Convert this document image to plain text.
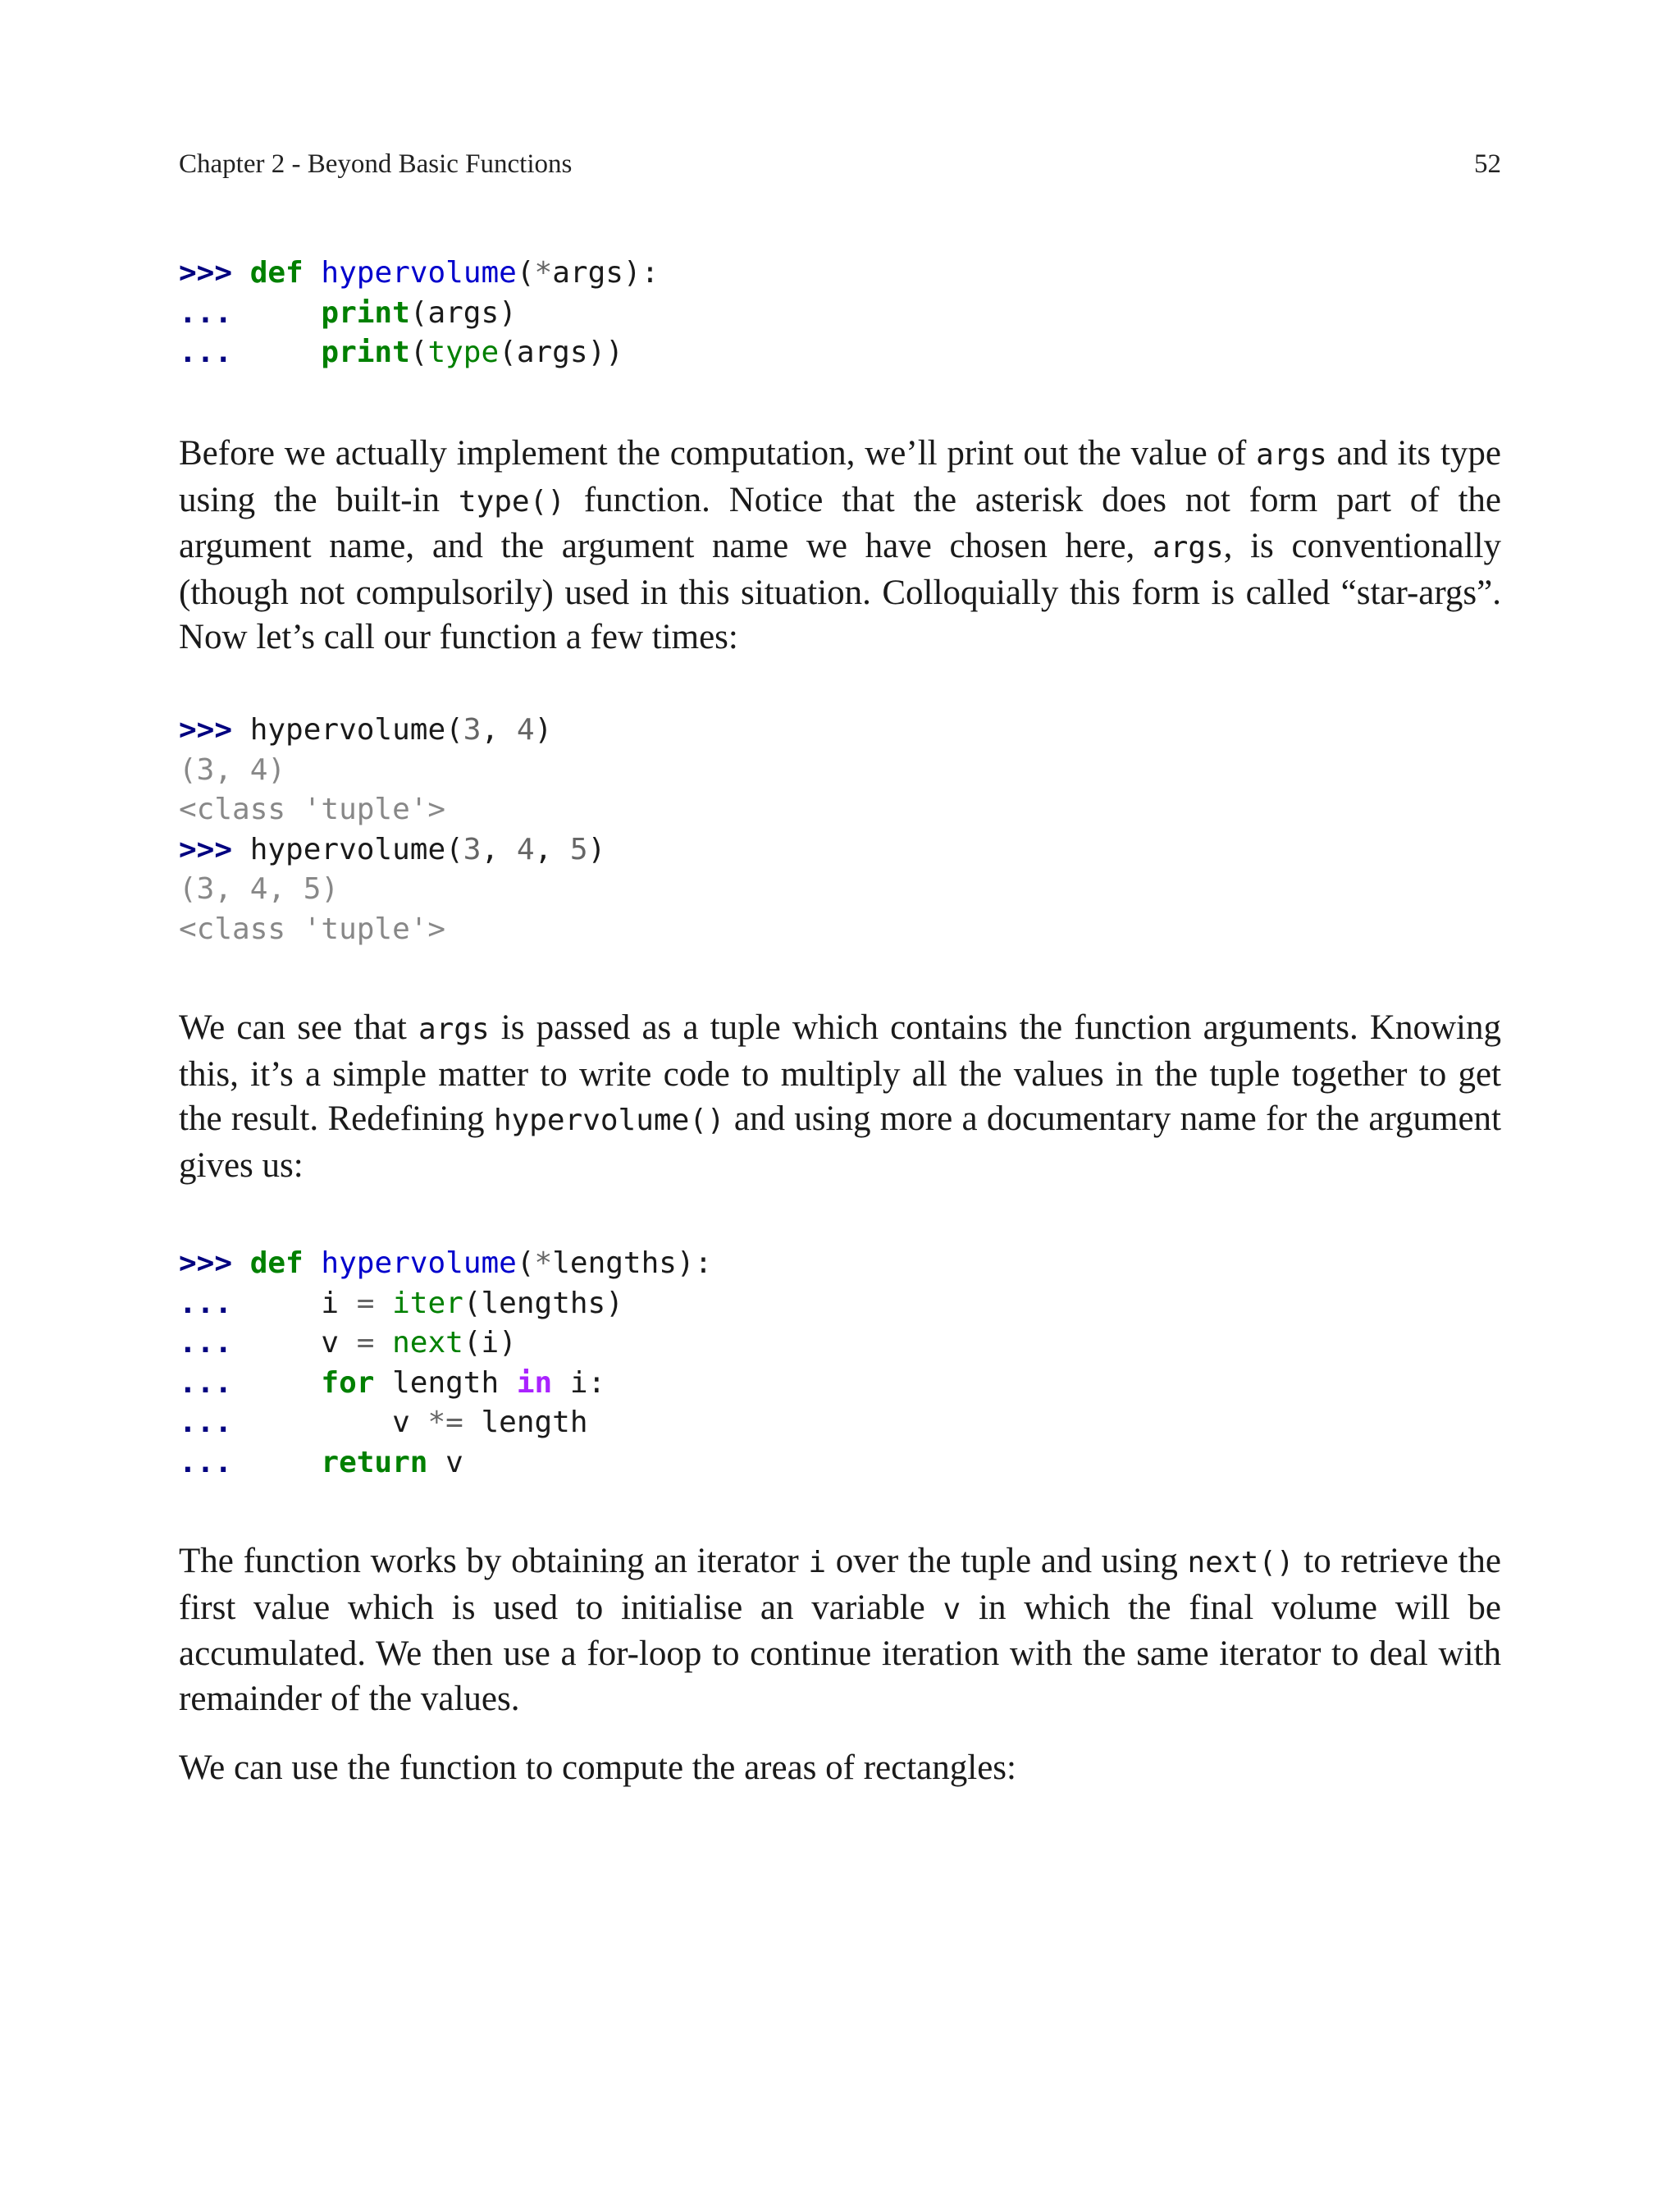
Chapter 2 - Beyond Basic Functions	52
>>> def hypervolume(*args):
...     print(args)
...     print(type(args))

Before we actually implement the computation, we’ll print out the value of args and its type using the built-in type() function. Notice that the asterisk does not form part of the argument name, and the argument name we have chosen here, args, is conventionally (though not compulsorily) used in this situation. Colloquially this form is called “star-args”. Now let’s call our function a few times:

>>> hypervolume(3, 4)
(3, 4)
<class 'tuple'>
>>> hypervolume(3, 4, 5)
(3, 4, 5)
<class 'tuple'>

We can see that args is passed as a tuple which contains the function arguments. Knowing this, it’s a simple matter to write code to multiply all the values in the tuple together to get the result. Redefining hypervolume() and using more a documentary name for the argument gives us:

>>> def hypervolume(*lengths):
...     i = iter(lengths)
...     v = next(i)
...     for length in i:
...         v *= length
...     return v

The function works by obtaining an iterator i over the tuple and using next() to retrieve the first value which is used to initialise an variable v in which the final volume will be accumulated. We then use a for-loop to continue iteration with the same iterator to deal with remainder of the values.

We can use the function to compute the areas of rectangles:
